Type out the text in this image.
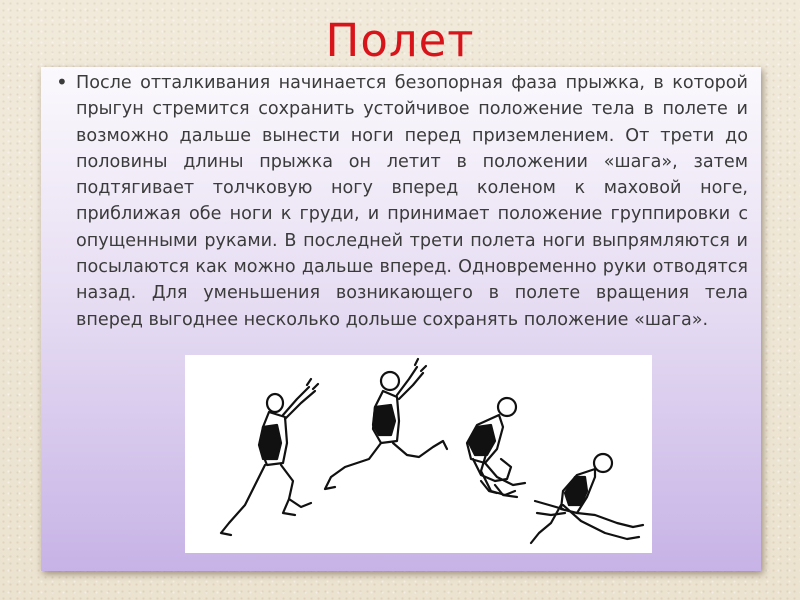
Полет
• После отталкивания начинается безопорная фаза прыжка, в которой прыгун стремится сохранить устойчивое положение тела в полете и возможно дальше вынести ноги перед приземлением. От трети до половины длины прыжка он летит в положении «шага», затем подтягивает толчковую ногу вперед коленом к маховой ноге, приближая обе ноги к груди, и принимает положение группировки с опущенными руками. В последней трети полета ноги выпрямляются и посылаются как можно дальше вперед. Одновременно руки отводятся назад. Для уменьшения возникающего в полете вращения тела вперед выгоднее несколько дольше сохранять положение «шага».
